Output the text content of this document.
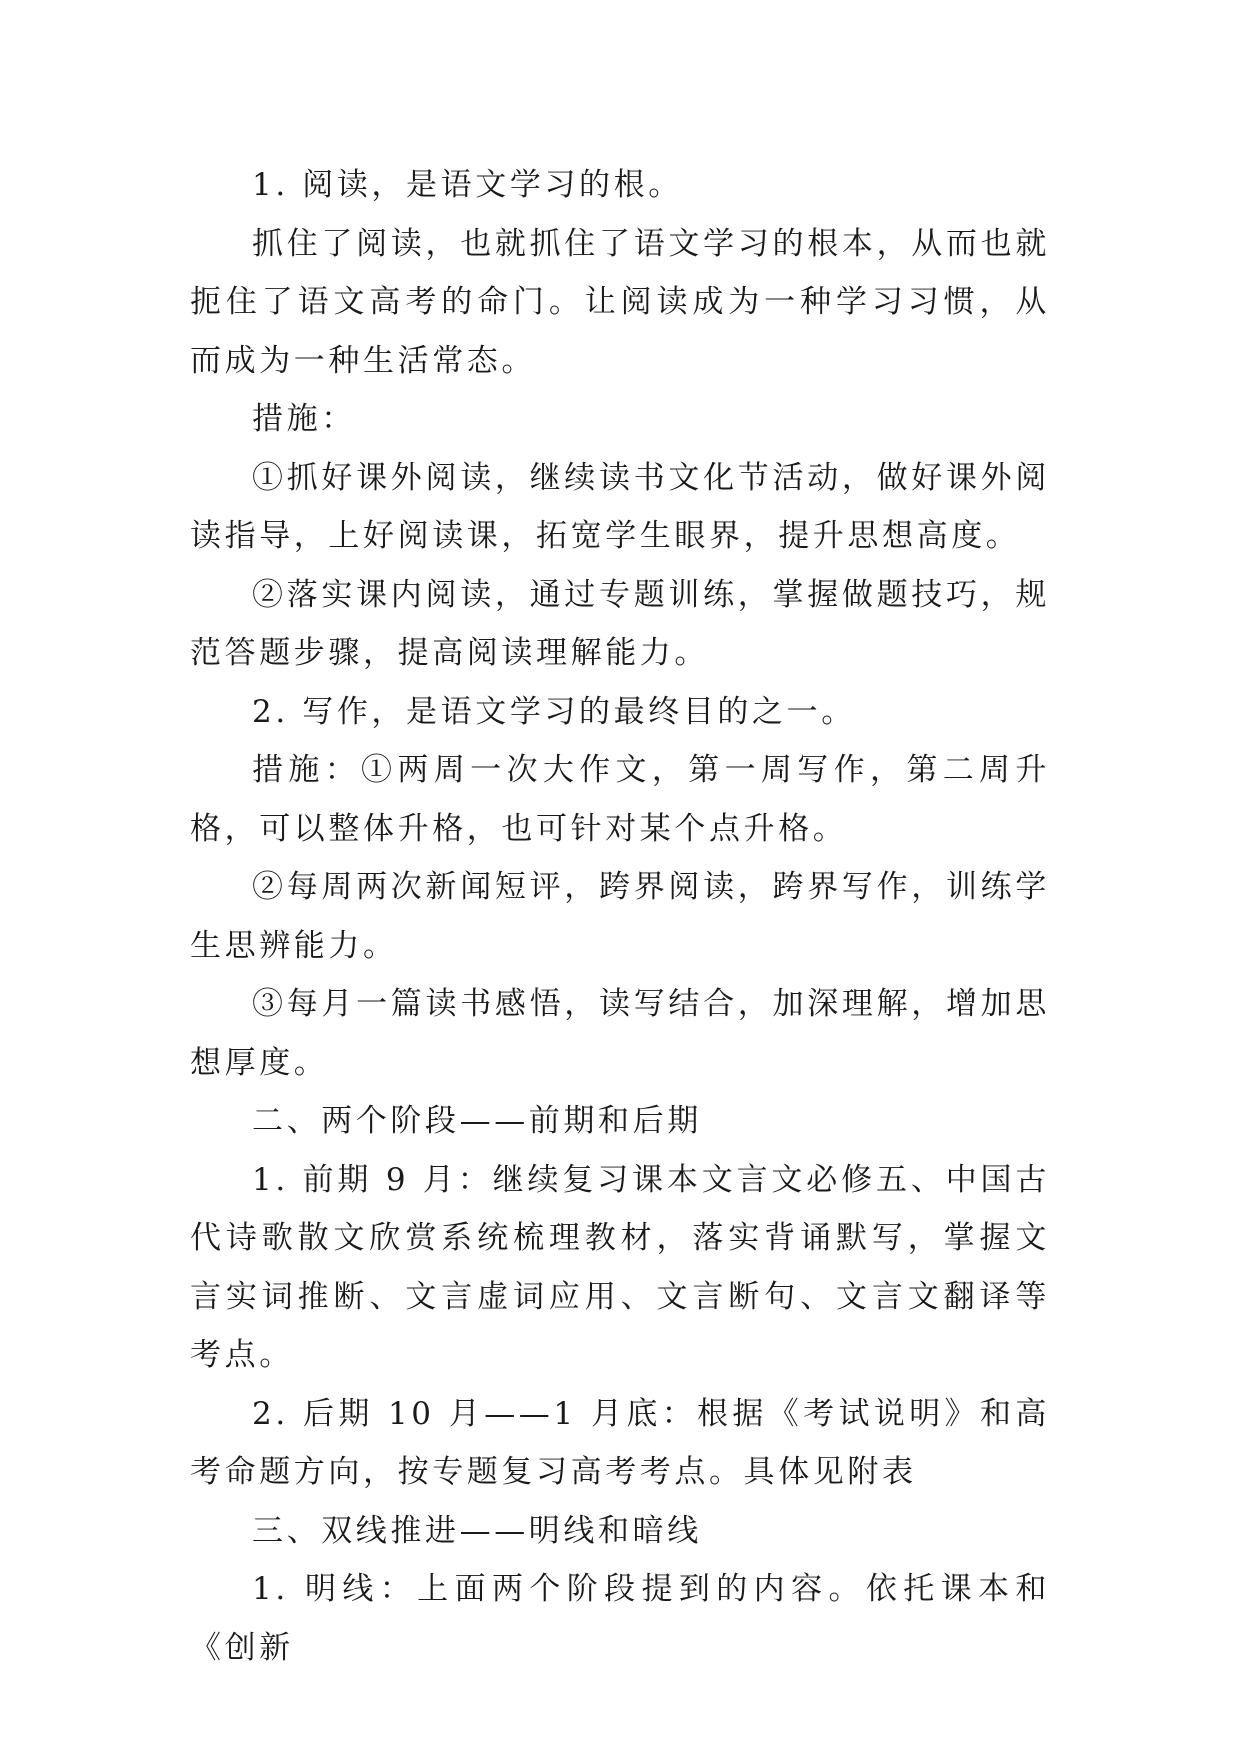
1. 阅读，是语文学习的根。

抓住了阅读，也就抓住了语文学习的根本，从而也就扼住了语文高考的命门。让阅读成为一种学习习惯，从而成为一种生活常态。

措施：

①抓好课外阅读，继续读书文化节活动，做好课外阅读指导，上好阅读课，拓宽学生眼界，提升思想高度。

②落实课内阅读，通过专题训练，掌握做题技巧，规范答题步骤，提高阅读理解能力。

2. 写作，是语文学习的最终目的之一。

措施：①两周一次大作文，第一周写作，第二周升格，可以整体升格，也可针对某个点升格。

②每周两次新闻短评，跨界阅读，跨界写作，训练学生思辨能力。

③每月一篇读书感悟，读写结合，加深理解，增加思想厚度。

二、两个阶段——前期和后期

1. 前期 9 月：继续复习课本文言文必修五、中国古代诗歌散文欣赏系统梳理教材，落实背诵默写，掌握文言实词推断、文言虚词应用、文言断句、文言文翻译等考点。

2. 后期 10 月——1 月底：根据《考试说明》和高考命题方向，按专题复习高考考点。具体见附表

三、双线推进——明线和暗线

1. 明线：上面两个阶段提到的内容。依托课本和《创新
